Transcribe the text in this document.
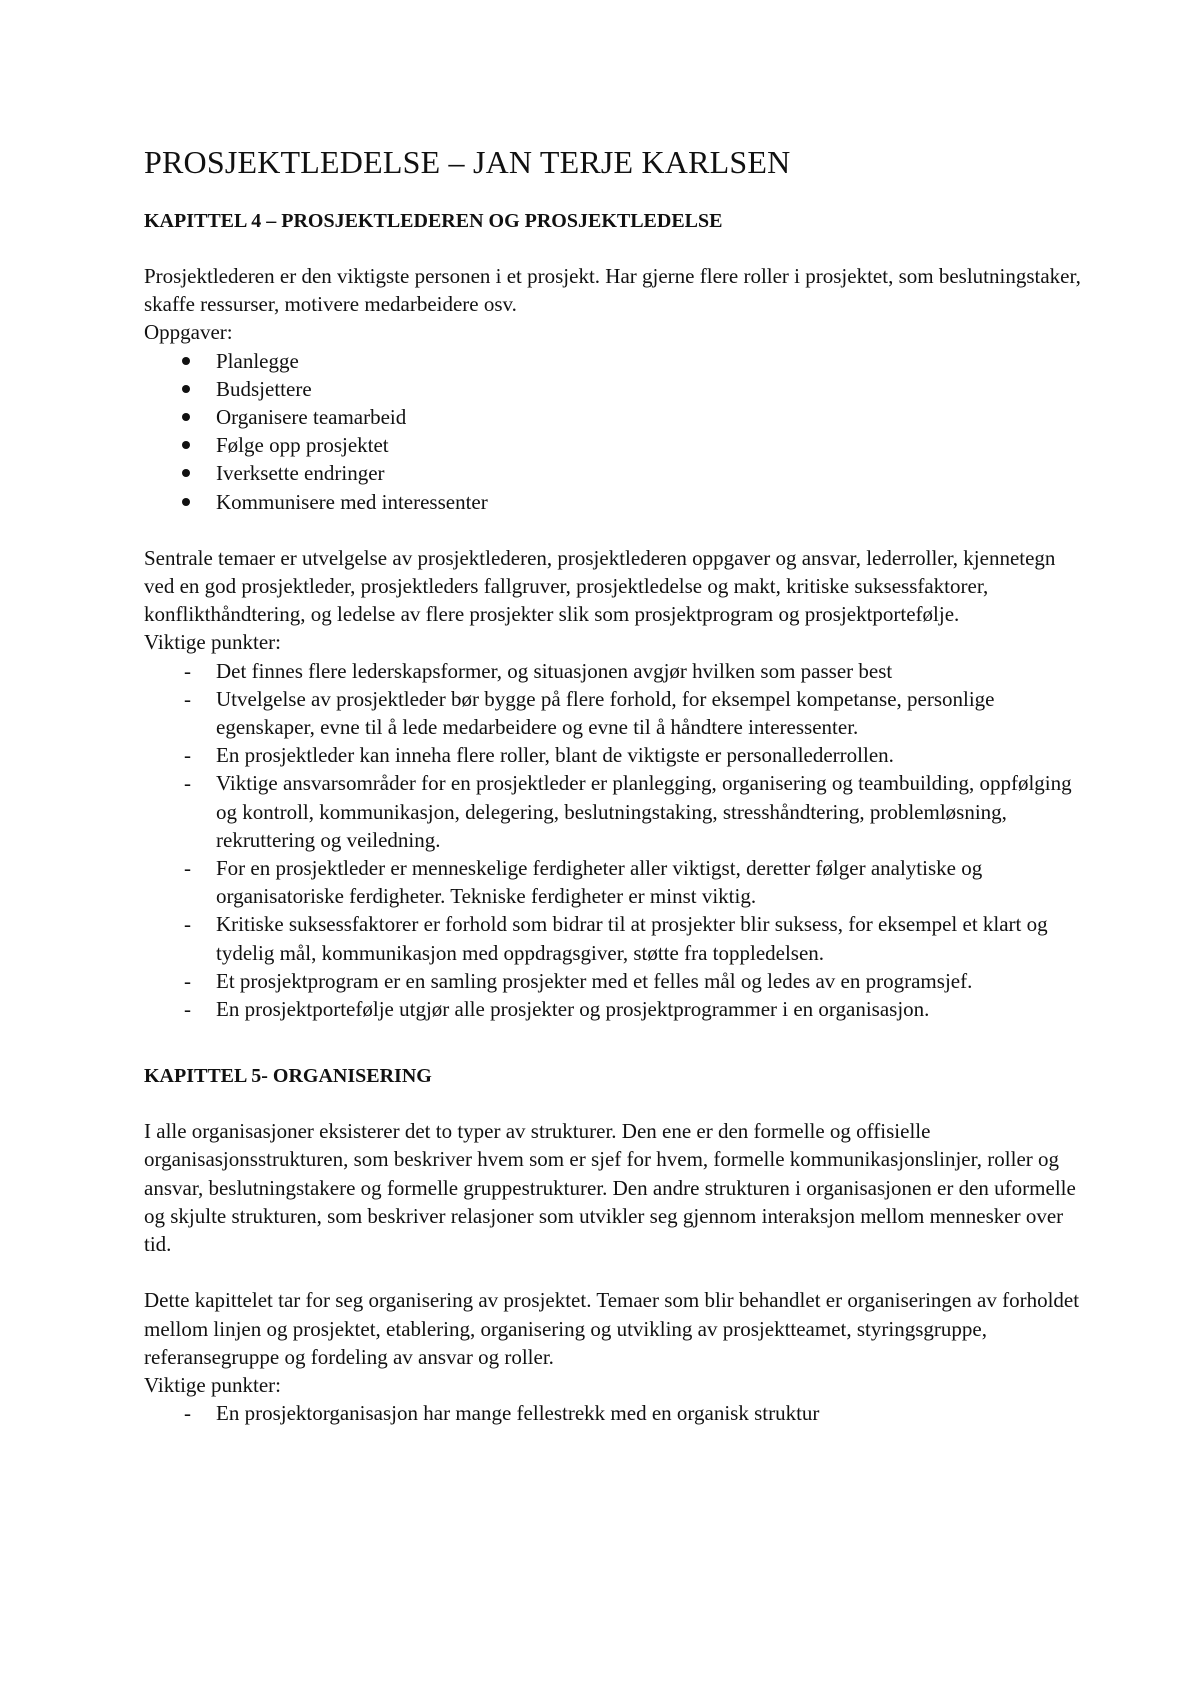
PROSJEKTLEDELSE – JAN TERJE KARLSEN
KAPITTEL 4 – PROSJEKTLEDEREN OG PROSJEKTLEDELSE

Prosjektlederen er den viktigste personen i et prosjekt. Har gjerne flere roller i prosjektet, som beslutningstaker, skaffe ressurser, motivere medarbeidere osv.

Oppgaver:

Planlegge
Budsjettere
Organisere teamarbeid
Følge opp prosjektet
Iverksette endringer
Kommunisere med interessenter

Sentrale temaer er utvelgelse av prosjektlederen, prosjektlederen oppgaver og ansvar, lederroller, kjennetegn ved en god prosjektleder, prosjektleders fallgruver, prosjektledelse og makt, kritiske suksessfaktorer, konflikthåndtering, og ledelse av flere prosjekter slik som prosjektprogram og prosjektportefølje.

Viktige punkter:

- Det finnes flere lederskapsformer, og situasjonen avgjør hvilken som passer best
- Utvelgelse av prosjektleder bør bygge på flere forhold, for eksempel kompetanse, personlige egenskaper, evne til å lede medarbeidere og evne til å håndtere interessenter.
- En prosjektleder kan inneha flere roller, blant de viktigste er personallederrollen.
- Viktige ansvarsområder for en prosjektleder er planlegging, organisering og teambuilding, oppfølging og kontroll, kommunikasjon, delegering, beslutningstaking, stresshåndtering, problemløsning, rekruttering og veiledning.
- For en prosjektleder er menneskelige ferdigheter aller viktigst, deretter følger analytiske og organisatoriske ferdigheter. Tekniske ferdigheter er minst viktig.
- Kritiske suksessfaktorer er forhold som bidrar til at prosjekter blir suksess, for eksempel et klart og tydelig mål, kommunikasjon med oppdragsgiver, støtte fra toppledelsen.
- Et prosjektprogram er en samling prosjekter med et felles mål og ledes av en programsjef.
- En prosjektportefølje utgjør alle prosjekter og prosjektprogrammer i en organisasjon.
KAPITTEL 5- ORGANISERING

I alle organisasjoner eksisterer det to typer av strukturer. Den ene er den formelle og offisielle organisasjonsstrukturen, som beskriver hvem som er sjef for hvem, formelle kommunikasjonslinjer, roller og ansvar, beslutningstakere og formelle gruppestrukturer. Den andre strukturen i organisasjonen er den uformelle og skjulte strukturen, som beskriver relasjoner som utvikler seg gjennom interaksjon mellom mennesker over tid.

Dette kapittelet tar for seg organisering av prosjektet. Temaer som blir behandlet er organiseringen av forholdet mellom linjen og prosjektet, etablering, organisering og utvikling av prosjektteamet, styringsgruppe, referansegruppe og fordeling av ansvar og roller.

Viktige punkter:

- En prosjektorganisasjon har mange fellestrekk med en organisk struktur
